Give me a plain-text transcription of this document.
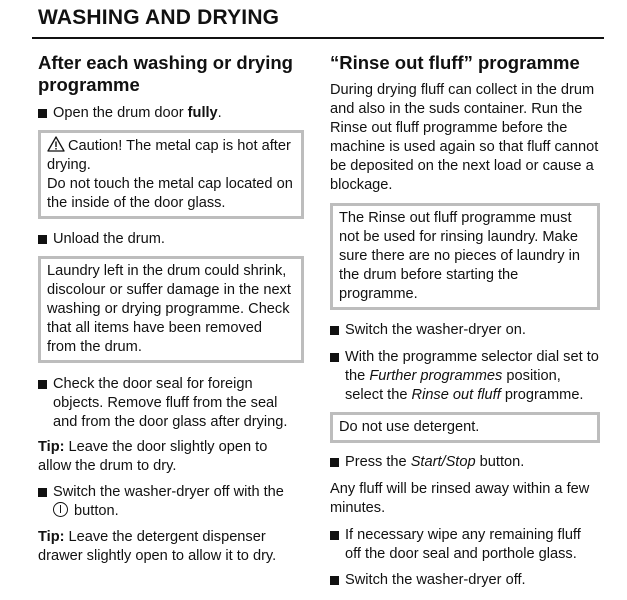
WASHING AND DRYING
After each washing or drying programme
Open the drum door fully.

Caution! The metal cap is hot after drying.

Do not touch the metal cap located on the inside of the door glass.

Unload the drum.

Laundry left in the drum could shrink, discolour or suffer damage in the next washing or drying programme. Check that all items have been removed from the drum.

Check the door seal for foreign objects. Remove fluff from the seal and from the door glass after drying.

Tip: Leave the door slightly open to allow the drum to dry.

Switch the washer-dryer off with the  button.

Tip: Leave the detergent dispenser drawer slightly open to allow it to dry.

“Rinse out fluff” programme

During drying fluff can collect in the drum and also in the suds container. Run the Rinse out fluff programme before the machine is used again so that fluff cannot be deposited on the next load or cause a blockage.

The Rinse out fluff programme must not be used for rinsing laundry. Make sure there are no pieces of laundry in the drum before starting the programme.

Switch the washer-dryer on.
With the programme selector dial set to the Further programmes position, select the Rinse out fluff programme.

Do not use detergent.

Press the Start/Stop button.

Any fluff will be rinsed away within a few minutes.

If necessary wipe any remaining fluff off the door seal and porthole glass.
Switch the washer-dryer off.
